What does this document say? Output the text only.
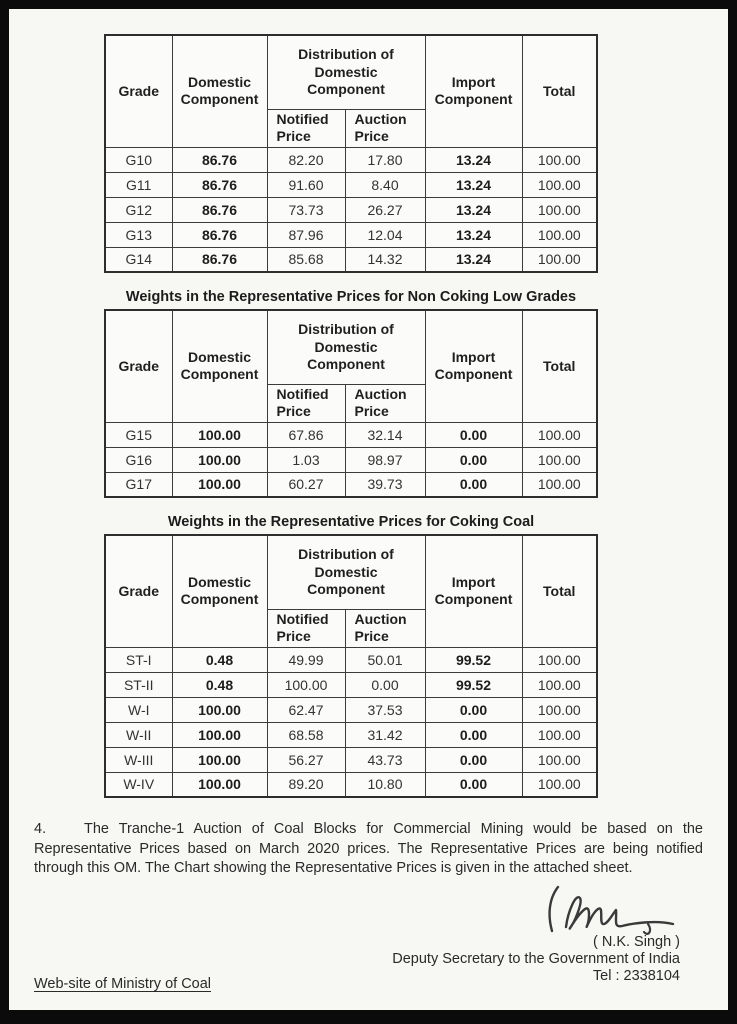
Grade	Domestic Component	Distribution of Domestic Component		Import Component	Total
		Notified Price	Auction Price		
G10	86.76	82.20	17.80	13.24	100.00
G11	86.76	91.60	8.40	13.24	100.00
G12	86.76	73.73	26.27	13.24	100.00
G13	86.76	87.96	12.04	13.24	100.00
G14	86.76	85.68	14.32	13.24	100.00
Weights in the Representative Prices for Non Coking Low Grades
Grade	Domestic Component	Distribution of Domestic Component		Import Component	Total
		Notified Price	Auction Price		
G15	100.00	67.86	32.14	0.00	100.00
G16	100.00	1.03	98.97	0.00	100.00
G17	100.00	60.27	39.73	0.00	100.00
Weights in the Representative Prices for Coking Coal
Grade	Domestic Component	Distribution of Domestic Component		Import Component	Total
		Notified Price	Auction Price		
ST-I	0.48	49.99	50.01	99.52	100.00
ST-II	0.48	100.00	0.00	99.52	100.00
W-I	100.00	62.47	37.53	0.00	100.00
W-II	100.00	68.58	31.42	0.00	100.00
W-III	100.00	56.27	43.73	0.00	100.00
W-IV	100.00	89.20	10.80	0.00	100.00
4.	The Tranche-1 Auction of Coal Blocks for Commercial Mining would be based on the Representative Prices based on March 2020 prices. The Representative Prices are being notified through this OM. The Chart showing the Representative Prices is given in the attached sheet.
( N.K. Singh )
Deputy Secretary to the Government of India
Tel : 2338104
Web-site of Ministry of Coal
